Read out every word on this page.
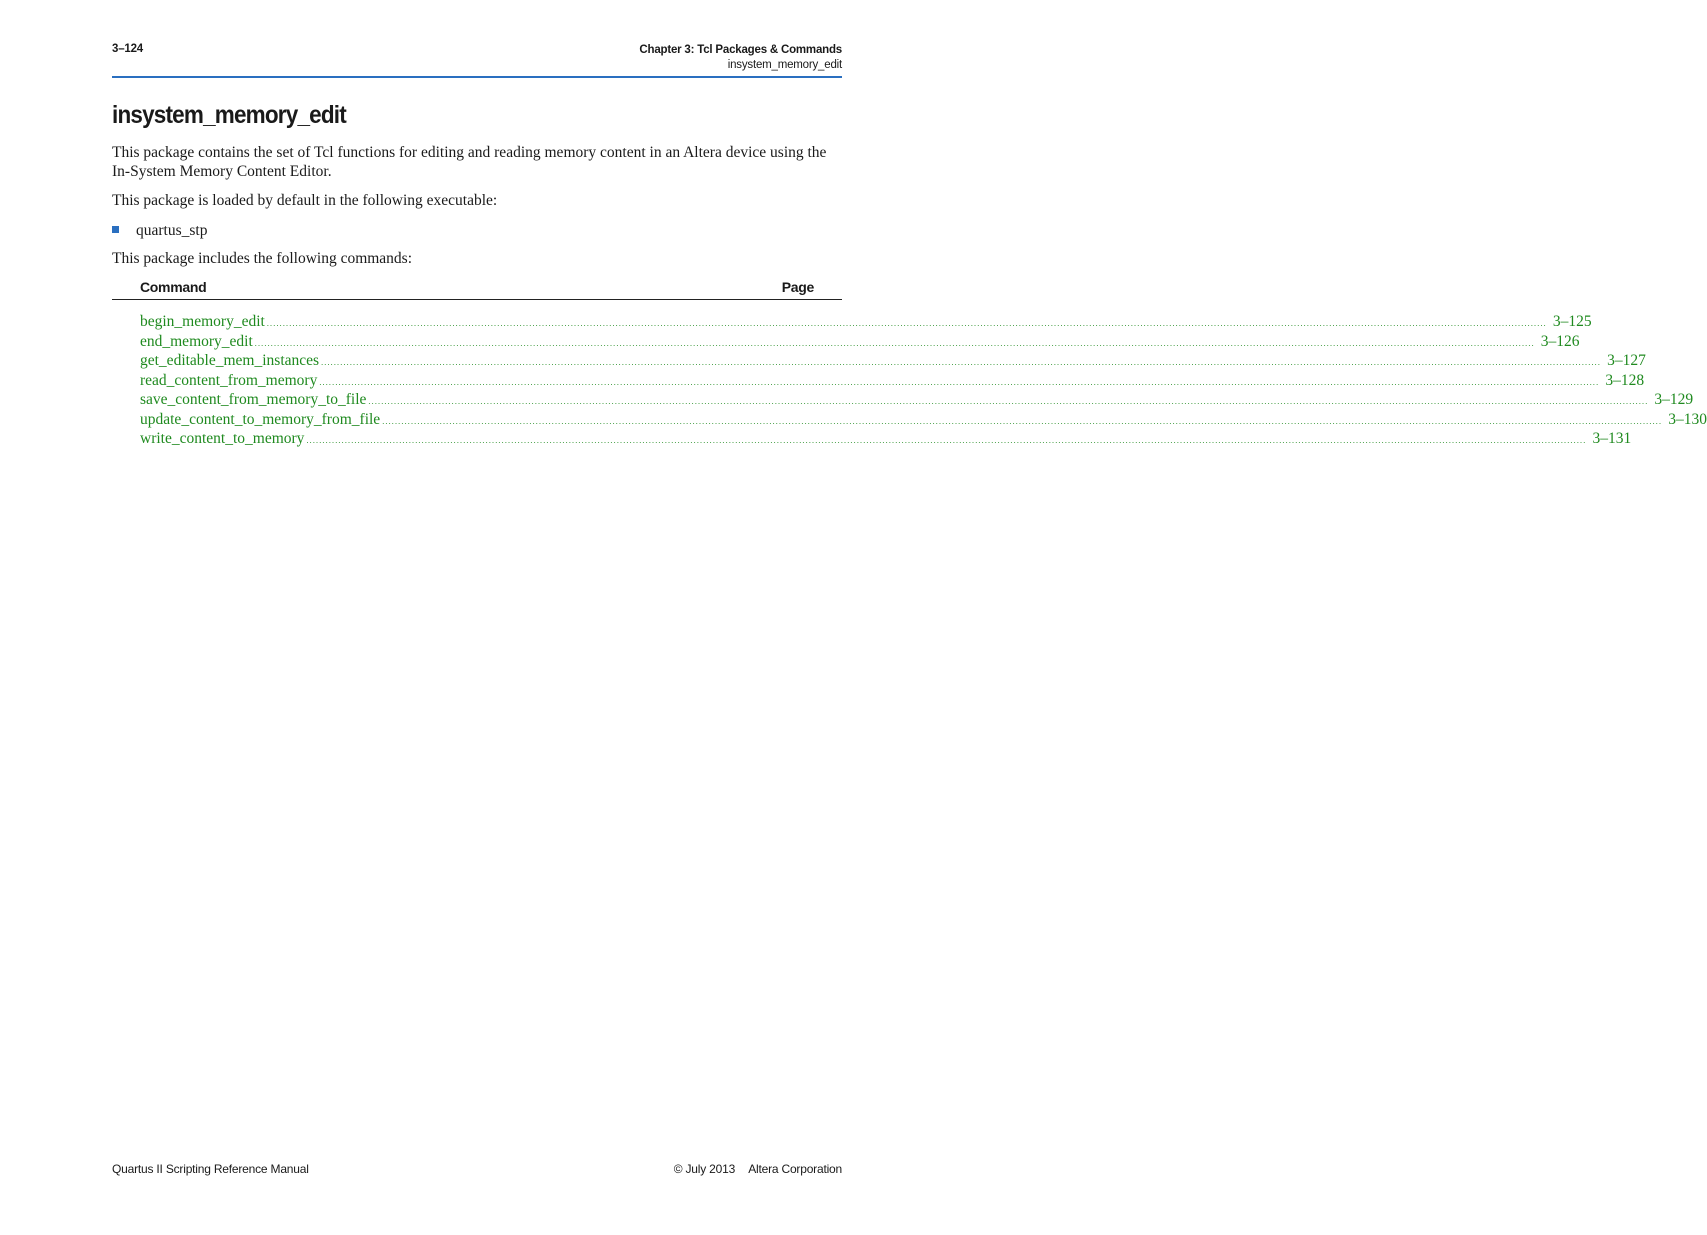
3–124	Chapter 3: Tcl Packages & Commands
insystem_memory_edit
insystem_memory_edit

This package contains the set of Tcl functions for editing and reading memory content in an Altera device using the In-System Memory Content Editor.

This package is loaded by default in the following executable:

quartus_stp

This package includes the following commands:

Command	Page
begin_memory_edit ................................................................................................................................................................................................................................................................................................................................................................................................................ 3–125
end_memory_edit ................................................................................................................................................................................................................................................................................................................................................................................................................ 3–126
get_editable_mem_instances ................................................................................................................................................................................................................................................................................................................................................................................................................ 3–127
read_content_from_memory ................................................................................................................................................................................................................................................................................................................................................................................................................ 3–128
save_content_from_memory_to_file ................................................................................................................................................................................................................................................................................................................................................................................................................ 3–129
update_content_to_memory_from_file ................................................................................................................................................................................................................................................................................................................................................................................................................ 3–130
write_content_to_memory ................................................................................................................................................................................................................................................................................................................................................................................................................ 3–131
Quartus II Scripting Reference Manual	© July 2013 Altera Corporation
